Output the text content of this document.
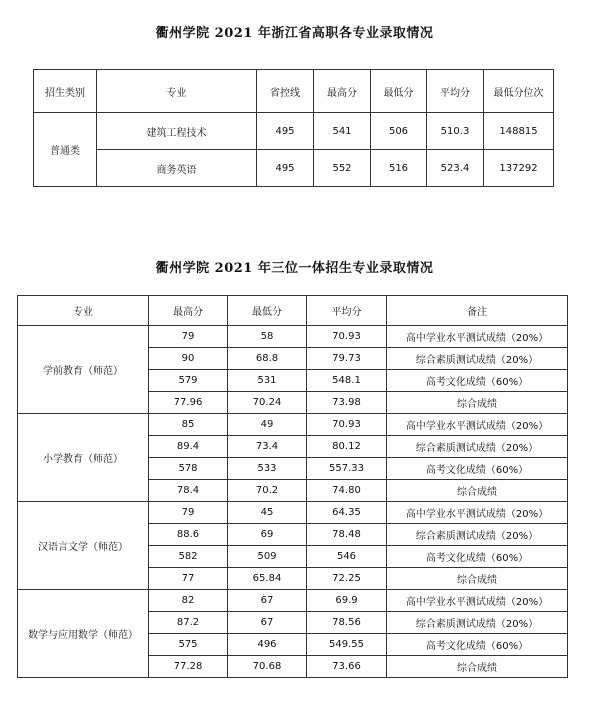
衢州学院 2021 年浙江省高职各专业录取情况
招生类别	专业	省控线	最高分	最低分	平均分	最低分位次
普通类	建筑工程技术	495	541	506	510.3	148815
	商务英语	495	552	516	523.4	137292
衢州学院 2021 年三位一体招生专业录取情况
专业	最高分	最低分	平均分	备注
学前教育（师范）	79	58	70.93	高中学业水平测试成绩（20%）
	90	68.8	79.73	综合素质测试成绩（20%）
	579	531	548.1	高考文化成绩（60%）
	77.96	70.24	73.98	综合成绩
小学教育（师范）	85	49	70.93	高中学业水平测试成绩（20%）
	89.4	73.4	80.12	综合素质测试成绩（20%）
	578	533	557.33	高考文化成绩（60%）
	78.4	70.2	74.80	综合成绩
汉语言文学（师范）	79	45	64.35	高中学业水平测试成绩（20%）
	88.6	69	78.48	综合素质测试成绩（20%）
	582	509	546	高考文化成绩（60%）
	77	65.84	72.25	综合成绩
数学与应用数学（师范）	82	67	69.9	高中学业水平测试成绩（20%）
	87.2	67	78.56	综合素质测试成绩（20%）
	575	496	549.55	高考文化成绩（60%）
	77.28	70.68	73.66	综合成绩
